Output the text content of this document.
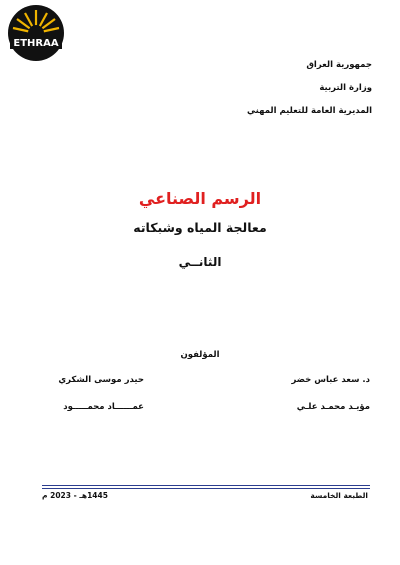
ETHRAA
جمهورية العراق
وزارة التربية
المديرية العامة للتعليم المهني
الرسم الصناعي
معالجة المياه وشبكاته
الثانــي
المؤلفون
د. سعد عباس خضر
مؤيـد محمـد علـي
حيدر موسى الشكري
عمــــــاد محمـــــود
الطبعة الخامسة
1445هـ - 2023 م
